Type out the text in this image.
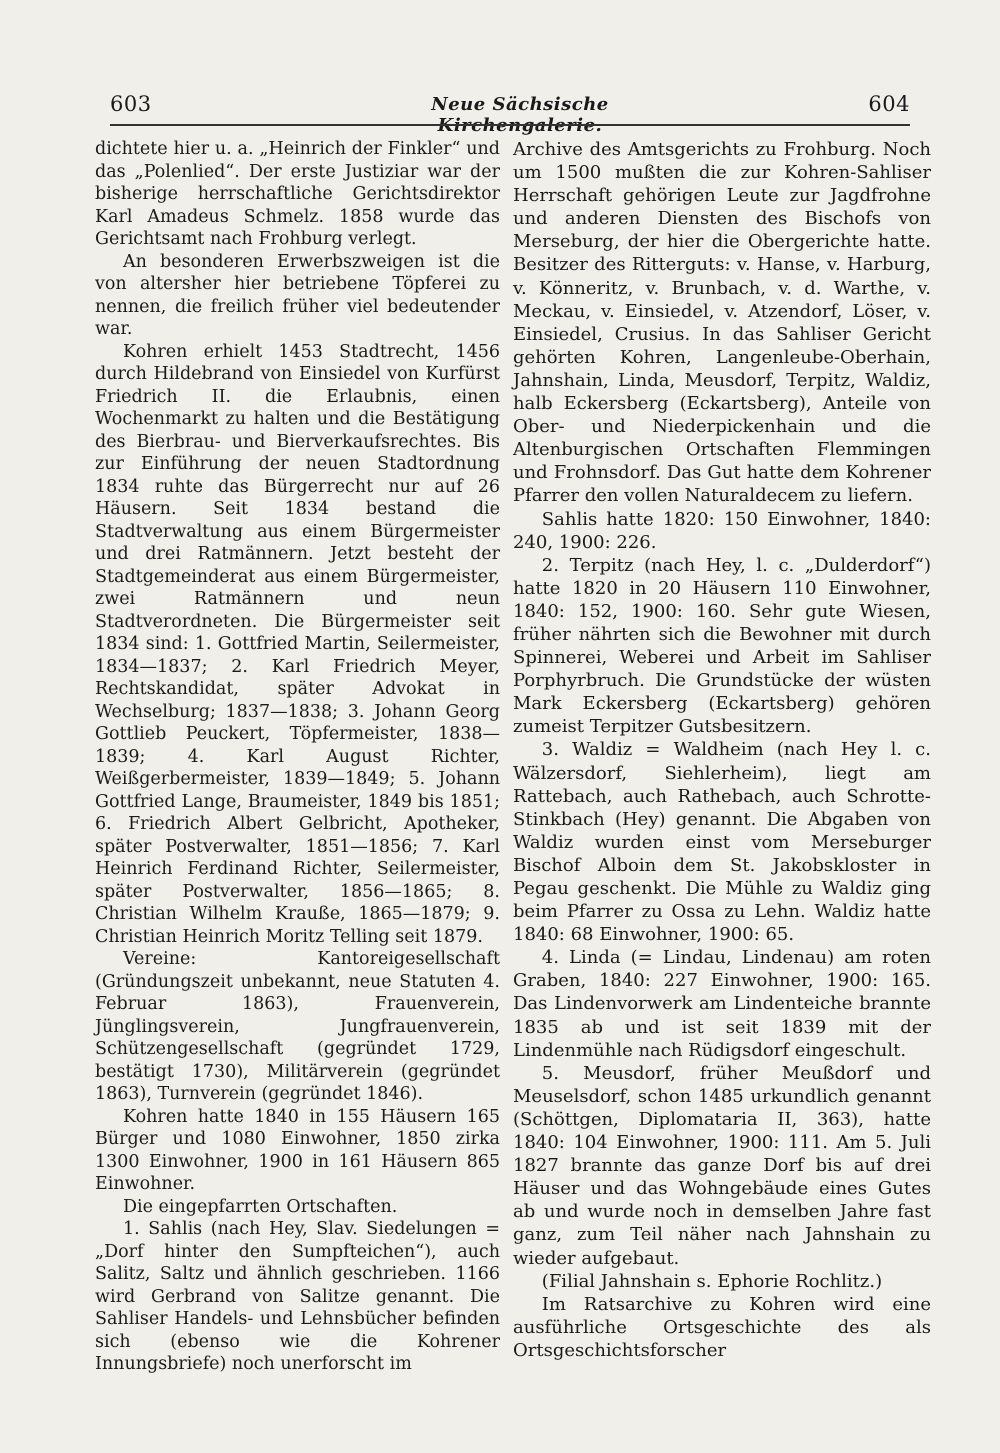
603	Neue Sächsische Kirchengalerie.
604

dichtete hier u. a. „Heinrich der Finkler“ und das „Polenlied“. Der erste Justiziar war der bisherige herrschaftliche Gerichtsdirektor Karl Amadeus Schmelz. 1858 wurde das Gerichtsamt nach Frohburg verlegt.

An besonderen Erwerbszweigen ist die von altersher hier betriebene Töpferei zu nennen, die freilich früher viel bedeutender war.

Kohren erhielt 1453 Stadtrecht, 1456 durch Hildebrand von Einsiedel von Kurfürst Friedrich II. die Erlaubnis, einen Wochenmarkt zu halten und die Bestätigung des Bierbrau- und Bierverkaufsrechtes. Bis zur Einführung der neuen Stadtordnung 1834 ruhte das Bürgerrecht nur auf 26 Häusern. Seit 1834 bestand die Stadtverwaltung aus einem Bürgermeister und drei Ratmännern. Jetzt besteht der Stadtgemeinderat aus einem Bürgermeister, zwei Ratmännern und neun Stadtverordneten. Die Bürgermeister seit 1834 sind: 1. Gottfried Martin, Seilermeister, 1834—1837; 2. Karl Friedrich Meyer, Rechtskandidat, später Advokat in Wechselburg; 1837—1838; 3. Johann Georg Gottlieb Peuckert, Töpfermeister, 1838—1839; 4. Karl August Richter, Weißgerbermeister, 1839—1849; 5. Johann Gottfried Lange, Braumeister, 1849 bis 1851; 6. Friedrich Albert Gelbricht, Apotheker, später Postverwalter, 1851—1856; 7. Karl Heinrich Ferdinand Richter, Seilermeister, später Postverwalter, 1856—1865; 8. Christian Wilhelm Krauße, 1865—1879; 9. Christian Heinrich Moritz Telling seit 1879.

Vereine: Kantoreigesellschaft (Gründungszeit unbekannt, neue Statuten 4. Februar 1863), Frauenverein, Jünglingsverein, Jungfrauenverein, Schützengesellschaft (gegründet 1729, bestätigt 1730), Militärverein (gegründet 1863), Turnverein (gegründet 1846).

Kohren hatte 1840 in 155 Häusern 165 Bürger und 1080 Einwohner, 1850 zirka 1300 Einwohner, 1900 in 161 Häusern 865 Einwohner.

Die eingepfarrten Ortschaften.

1. Sahlis (nach Hey, Slav. Siedelungen = „Dorf hinter den Sumpfteichen“), auch Salitz, Saltz und ähnlich geschrieben. 1166 wird Gerbrand von Salitze genannt. Die Sahliser Handels- und Lehnsbücher befinden sich (ebenso wie die Kohrener Innungsbriefe) noch unerforscht im

Archive des Amtsgerichts zu Frohburg. Noch um 1500 mußten die zur Kohren-Sahliser Herrschaft gehörigen Leute zur Jagdfrohne und anderen Diensten des Bischofs von Merseburg, der hier die Obergerichte hatte. Besitzer des Ritterguts: v. Hanse, v. Harburg, v. Könneritz, v. Brunbach, v. d. Warthe, v. Meckau, v. Einsiedel, v. Atzendorf, Löser, v. Einsiedel, Crusius. In das Sahliser Gericht gehörten Kohren, Langenleube-Oberhain, Jahnshain, Linda, Meusdorf, Terpitz, Waldiz, halb Eckersberg (Eckartsberg), Anteile von Ober- und Niederpickenhain und die Altenburgischen Ortschaften Flemmingen und Frohnsdorf. Das Gut hatte dem Kohrener Pfarrer den vollen Naturaldecem zu liefern.

Sahlis hatte 1820: 150 Einwohner, 1840: 240, 1900: 226.

2. Terpitz (nach Hey, l. c. „Dulderdorf“) hatte 1820 in 20 Häusern 110 Einwohner, 1840: 152, 1900: 160. Sehr gute Wiesen, früher nährten sich die Bewohner mit durch Spinnerei, Weberei und Arbeit im Sahliser Porphyrbruch. Die Grundstücke der wüsten Mark Eckersberg (Eckartsberg) gehören zumeist Terpitzer Gutsbesitzern.

3. Waldiz = Waldheim (nach Hey l. c. Wälzersdorf, Siehlerheim), liegt am Rattebach, auch Rathebach, auch Schrotte-Stinkbach (Hey) genannt. Die Abgaben von Waldiz wurden einst vom Merseburger Bischof Alboin dem St. Jakobskloster in Pegau geschenkt. Die Mühle zu Waldiz ging beim Pfarrer zu Ossa zu Lehn. Waldiz hatte 1840: 68 Einwohner, 1900: 65.

4. Linda (= Lindau, Lindenau) am roten Graben, 1840: 227 Einwohner, 1900: 165. Das Lindenvorwerk am Lindenteiche brannte 1835 ab und ist seit 1839 mit der Lindenmühle nach Rüdigsdorf eingeschult.

5. Meusdorf, früher Meußdorf und Meuselsdorf, schon 1485 urkundlich genannt (Schöttgen, Diplomataria II, 363), hatte 1840: 104 Einwohner, 1900: 111. Am 5. Juli 1827 brannte das ganze Dorf bis auf drei Häuser und das Wohngebäude eines Gutes ab und wurde noch in demselben Jahre fast ganz, zum Teil näher nach Jahnshain zu wieder aufgebaut.

(Filial Jahnshain s. Ephorie Rochlitz.)

Im Ratsarchive zu Kohren wird eine ausführliche Ortsgeschichte des als Ortsgeschichtsforscher
